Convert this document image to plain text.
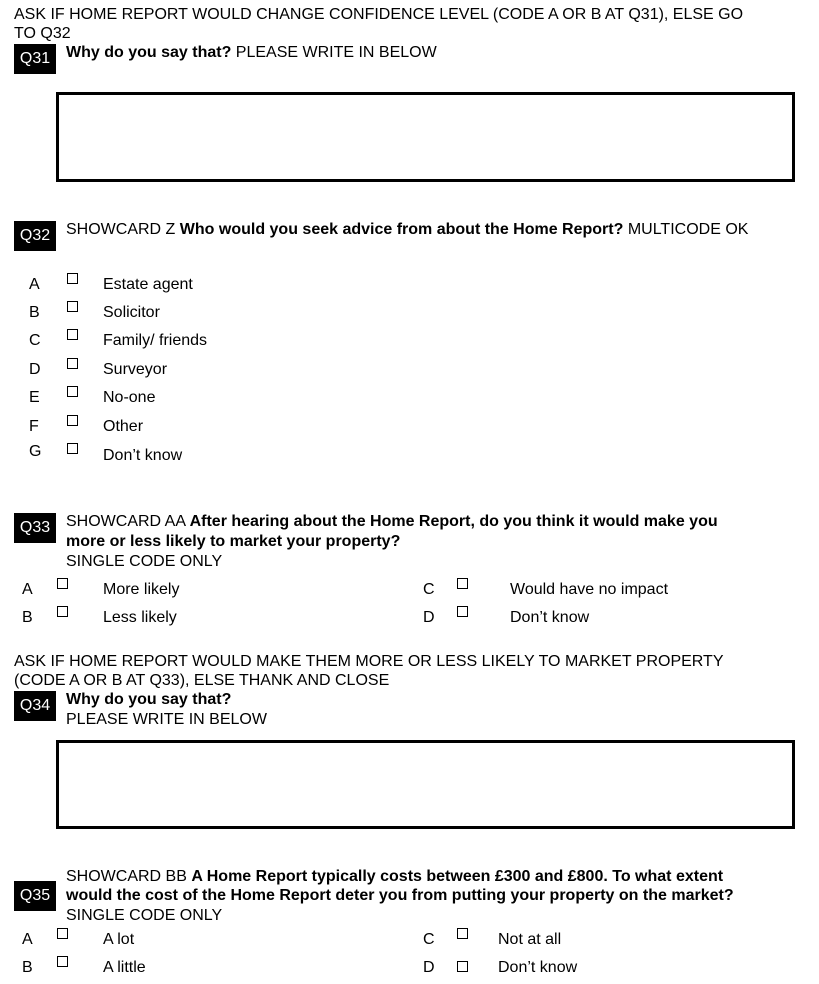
ASK IF HOME REPORT WOULD CHANGE CONFIDENCE LEVEL (CODE A OR B AT Q31), ELSE GO
TO Q32
Q31 Why do you say that? PLEASE WRITE IN BELOW
Q32 SHOWCARD Z Who would you seek advice from about the Home Report? MULTICODE OK
A	Estate agent
B	Solicitor
C	Family/ friends
D	Surveyor
E	No-one
F	Other
G	Don’t know
Q33 SHOWCARD AA After hearing about the Home Report, do you think it would make you
more or less likely to market your property?
SINGLE CODE ONLY
A	More likely
B	Less likely
C	Would have no impact
D	Don’t know
ASK IF HOME REPORT WOULD MAKE THEM MORE OR LESS LIKELY TO MARKET PROPERTY
(CODE A OR B AT Q33), ELSE THANK AND CLOSE
Q34 Why do you say that?
PLEASE WRITE IN BELOW
SHOWCARD BB A Home Report typically costs between £300 and £800. To what extent
Q35 would the cost of the Home Report deter you from putting your property on the market?
SINGLE CODE ONLY
A	A lot
B	A little
C	Not at all
D	Don’t know
